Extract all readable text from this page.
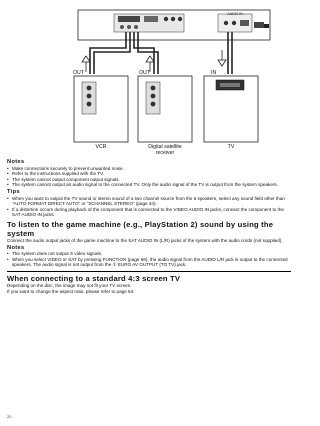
OUT	OUT	IN
AUDIO IN
VCR	Digital satellite
receiver
TV
Notes
• Make connections securely to prevent unwanted noise.
• Refer to the instructions supplied with the TV.
• The system cannot output component output signals.
• The system cannot output an audio signal to the connected TV. Only the audio signal of the TV is output from the system speakers.
Tips
• When you want to output the TV sound or stereo sound of a two channel source from the 6 speakers, select any sound field other than "AUTO FORMAT DIRECT AUTO" or "2CHANNEL STEREO" (page 44).
• If a distortion occurs during playback of the component that is connected to the VIDEO AUDIO IN jacks, connect the component to the SAT AUDIO IN jacks.
To listen to the game machine (e.g., PlayStation 2) sound by using the system

Connect the audio output jacks of the game machine to the SAT AUDIO IN (L/R) jacks of the system with the audio cords (not supplied).

Notes
• The system does not output S video signals.
• When you select VIDEO or SAT by pressing FUNCTION (page 58), the audio signal from the AUDIO L/R jack is output to the connected speakers. The audio signal is not output from the ① EURO AV OUTPUT (TO TV) jack.
When connecting to a standard 4:3 screen TV

Depending on the disc, the image may not fit your TV screen.

If you want to change the aspect ratio, please refer to page 64.

20
